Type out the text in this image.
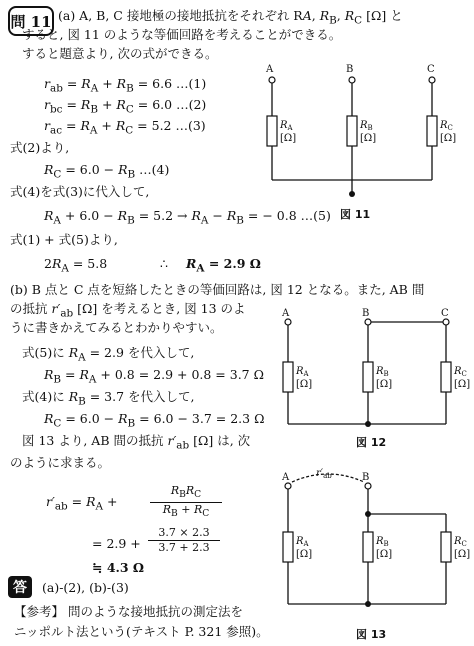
問 11 (a) A, B, C 接地極の接地抵抗をそれぞれ RA, $R_B$, $R_C$ [Ω] と
すると, 図 11 のような等価回路を考えることができる。
すると題意より, 次の式ができる。
$r_{ab} = R_A + R_B = 6.6$ …(1)
$r_{bc} = R_B + R_C = 6.0$ …(2)
$r_{ac} = R_A + R_C = 5.2$ …(3)
式(2)より,
$R_C = 6.0 - R_B$ …(4)
式(4)を式(3)に代入して,
$R_A + 6.0 - R_B = 5.2 \to R_A - R_B$ = − 0.8 …(5)
式(1) + 式(5)より,
$2R_A = 5.8$	∴ $R_A = 2.9$ Ω
(b) B 点と C 点を短絡したときの等価回路は, 図 12 となる。また, AB 間
の抵抗 $r'_{ab}$ [Ω] を考えるとき, 図 13 のよ
うに書きかえてみるとわかりやすい。
式(5)に $R_A = 2.9$ を代入して,
$R_B = R_A + 0.8 = 2.9 + 0.8 = 3.7$ Ω
式(4)に $R_B = 3.7$ を代入して,
$R_C = 6.0 - R_B = 6.0 - 3.7 = 2.3$ Ω
図 13 より, AB 間の抵抗 $r'_{ab}$ [Ω] は, 次
のように求まる。
$r'_{ab} = R_A$ +
$R_BR_C$
$R_B + R_C$
= $2.9 + \frac{3.7 \times 2.3}{3.7 + 2.3}$
≒ 4.3 Ω
答	(a)-(2), (b)-(3)
【参考】 問のような接地抵抗の測定法を
ニッポルト法という(テキスト P. 321 参照)。
A	B	C
$R_A$
[Ω]
$R_B$
[Ω]
$R_C$
[Ω]
A	B	C
$R_A$
[Ω]
$R_B$
[Ω]
$R_C$
[Ω]
A	B
$r'_{ab}$
$R_A$
[Ω]
$R_B$
[Ω]
$R_C$
[Ω]
図 11
図 12
図 13
